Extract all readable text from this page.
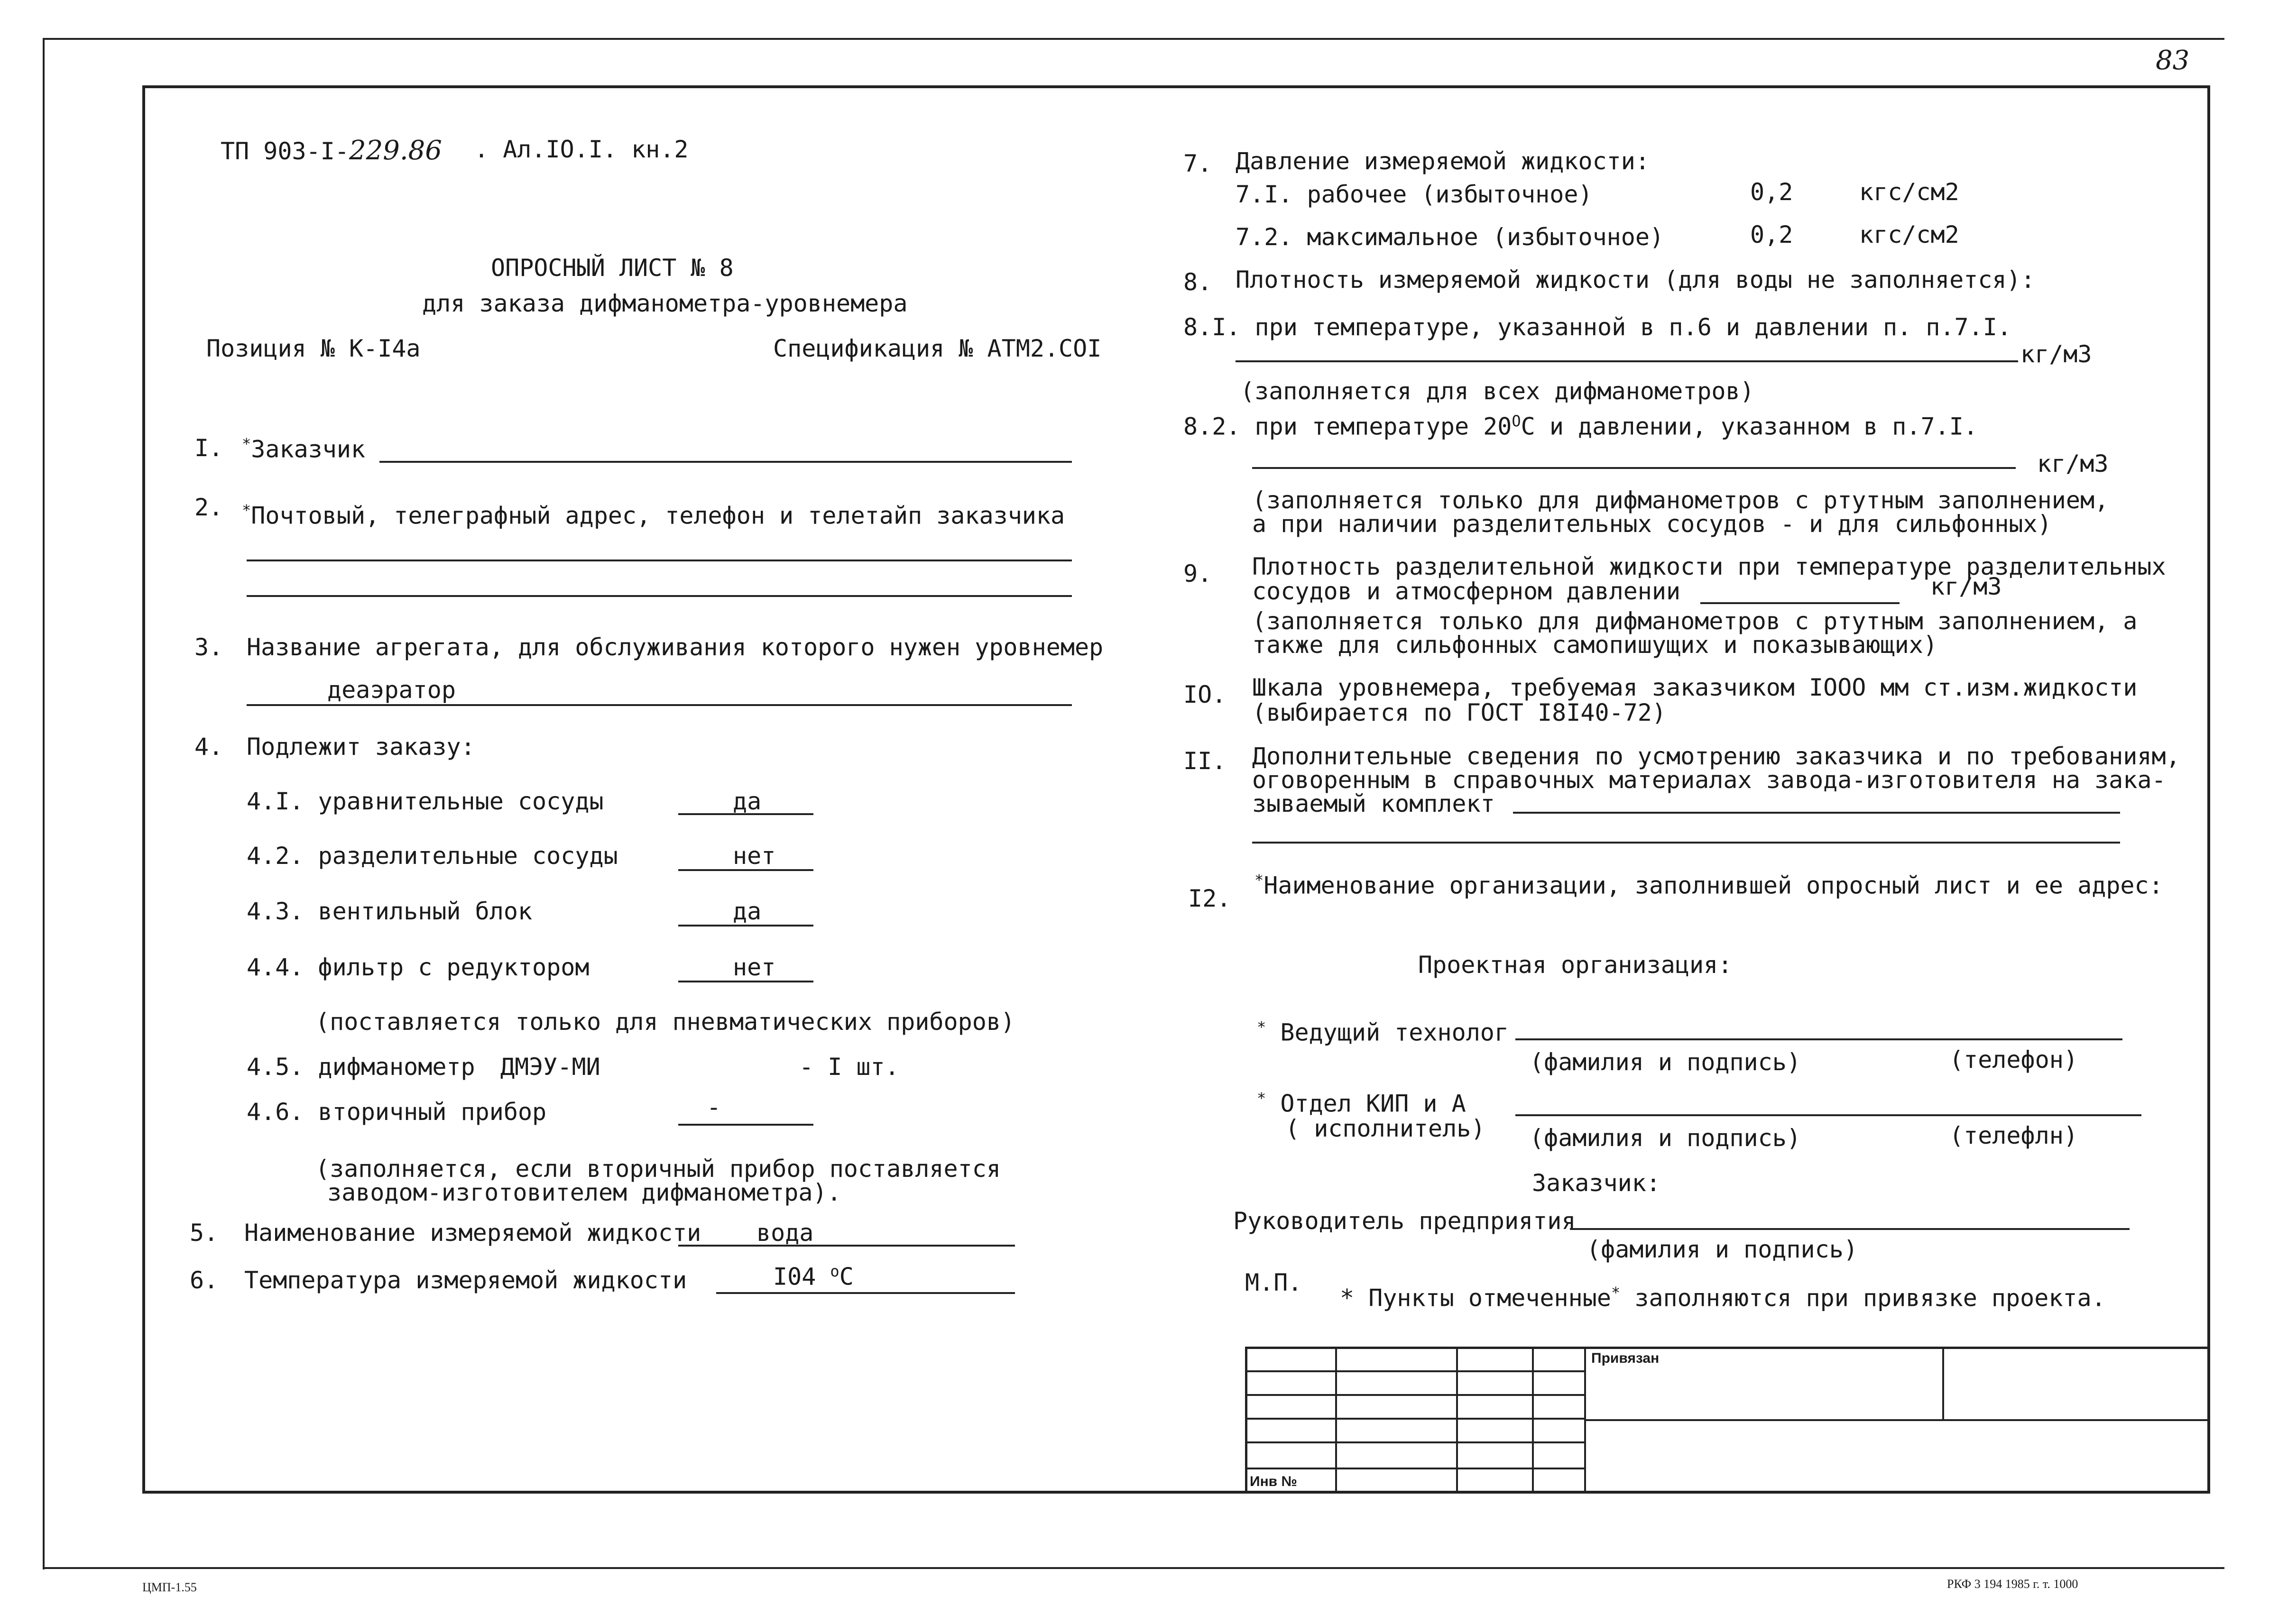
83
ТП 903-I-229.86 . Ал.IO.I. кн.2
ОПРОСНЫЙ ЛИСТ № 8
для заказа дифманометра-уровнемера
Позиция № К-I4а	Спецификация № АТМ2.СОI
I. *Заказчик
2. *Почтовый, телеграфный адрес, телефон и телетайп заказчика
3. Название агрегата, для обслуживания которого нужен уровнемер
деаэратор
4. Подлежит заказу:
4.I. уравнительные сосуды	да
4.2. разделительные сосуды	нет
4.3. вентильный блок	да
4.4. фильтр с редуктором	нет
(поставляется только для пневматических приборов)
4.5. дифманометр ДМЭУ-МИ	- I шт.
4.6. вторичный прибор	-
(заполняется, если вторичный прибор поставляется
заводом-изготовителем дифманометра).
5. Наименование измеряемой жидкости вода
6. Температура измеряемой жидкости	I04 $^о$С
7. Давление измеряемой жидкости:
7.I. рабочее (избыточное)	0,2	кгс/см2
7.2. максимальное (избыточное)	0,2	кгс/см2
8. Плотность измеряемой жидкости (для воды не заполняется):
8.I. при температуре, указанной в п.6 и давлении п. п.7.I.
кг/м3
(заполняется для всех дифманометров)
8.2. при температуре $20^ОС$ и давлении, указанном в п.7.I.
кг/м3
(заполняется только для дифманометров с ртутным заполнением,
а при наличии разделительных сосудов - и для сильфонных)
9. Плотность разделительной жидкости при температуре разделительных
сосудов и атмосферном давлении	кг/м3
(заполняется только для дифманометров с ртутным заполнением, а
также для сильфонных самопишущих и показывающих)
IO. Шкала уровнемера, требуемая заказчиком IOOO мм ст.изм.жидкости
(выбирается по ГОСТ I8I40-72)
II. Дополнительные сведения по усмотрению заказчика и по требованиям,
оговоренным в справочных материалах завода-изготовителя на зака-
зываемый комплект
I2.
*Наименование организации, заполнившей опросный лист и ее адрес:
Проектная организация:
* Ведущий технолог
(фамилия и подпись)	(телефон)
* Отдел КИП и А
( исполнитель) (фамилия и подпись)	(телефлн)
Заказчик:
Руководитель предприятия
(фамилия и подпись)
М.П.
* Пункты отмеченные* заполняются при привязке проекта.
Привязан
Инв №
ЦМП-1.55	РКФ 3 194 1985 г. т. 1000
